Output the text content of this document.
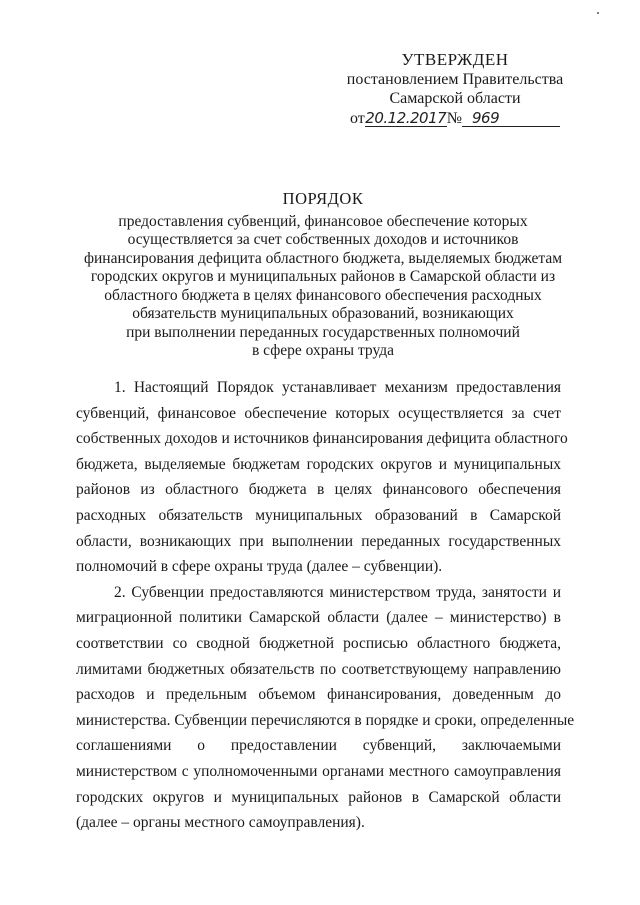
УТВЕРЖДЕН
постановлением Правительства
Самарской области
от20.12.2017№ 969
ПОРЯДОК
предоставления субвенций, финансовое обеспечение которых
осуществляется за счет собственных доходов и источников
финансирования дефицита областного бюджета, выделяемых бюджетам
городских округов и муниципальных районов в Самарской области из
областного бюджета в целях финансового обеспечения расходных
обязательств муниципальных образований, возникающих
при выполнении переданных государственных полномочий
в сфере охраны труда
1. Настоящий Порядок устанавливает механизм предоставления
субвенций, финансовое обеспечение которых осуществляется за счет
собственных доходов и источников финансирования дефицита областного
бюджета, выделяемые бюджетам городских округов и муниципальных
районов из областного бюджета в целях финансового обеспечения
расходных обязательств муниципальных образований в Самарской
области, возникающих при выполнении переданных государственных
полномочий в сфере охраны труда (далее – субвенции).
2. Субвенции предоставляются министерством труда, занятости и
миграционной политики Самарской области (далее – министерство) в
соответствии со сводной бюджетной росписью областного бюджета,
лимитами бюджетных обязательств по соответствующему направлению
расходов и предельным объемом финансирования, доведенным до
министерства. Субвенции перечисляются в порядке и сроки, определенные
соглашениями о предоставлении субвенций, заключаемыми
министерством с уполномоченными органами местного самоуправления
городских округов и муниципальных районов в Самарской области
(далее – органы местного самоуправления).
